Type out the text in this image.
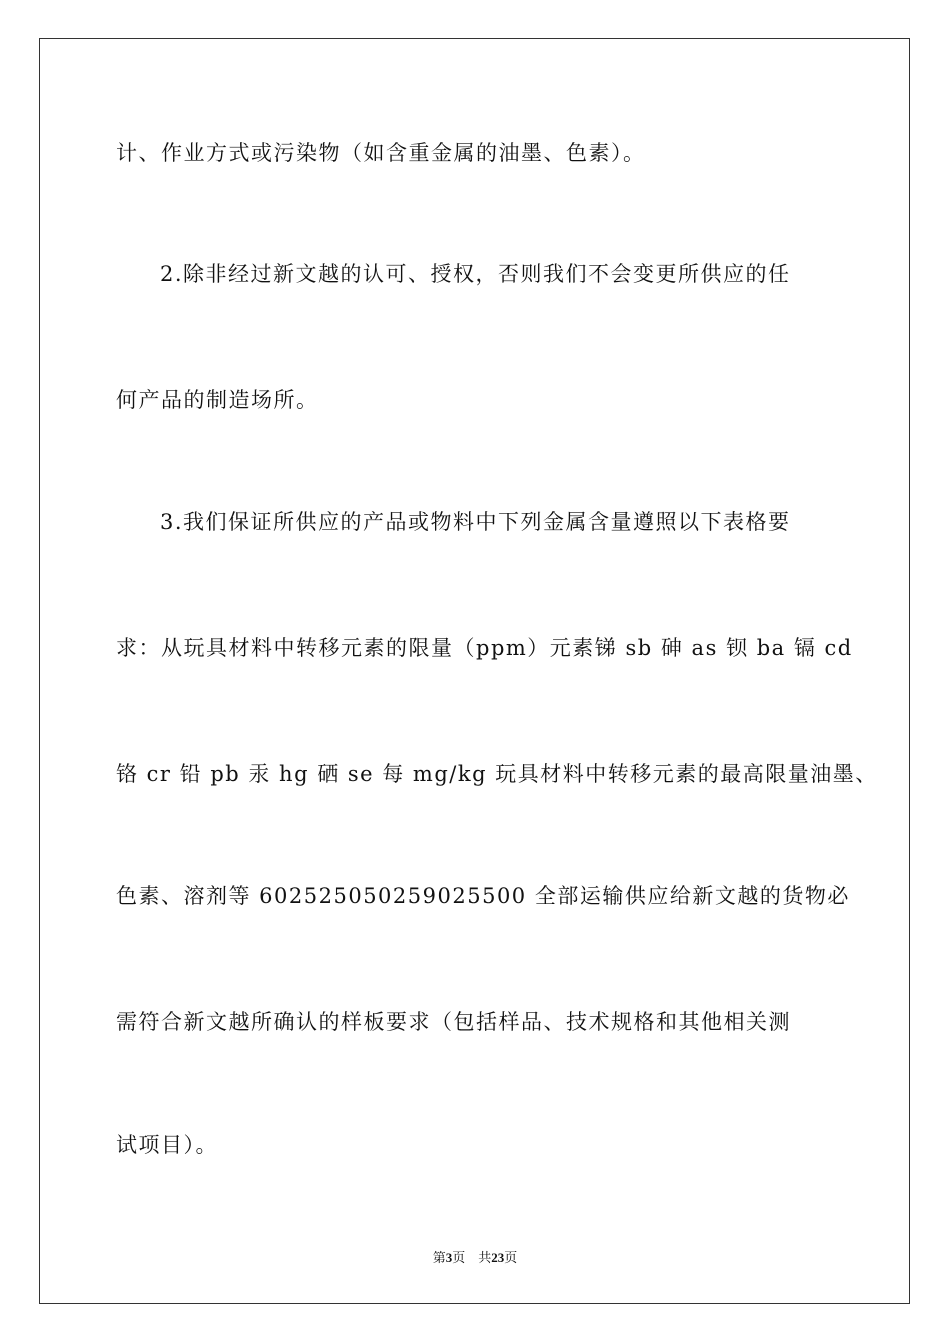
计、作业方式或污染物（如含重金属的油墨、色素）。
2.除非经过新文越的认可、授权，否则我们不会变更所供应的任
何产品的制造场所。
3.我们保证所供应的产品或物料中下列金属含量遵照以下表格要
求：从玩具材料中转移元素的限量（ppm）元素锑 sb 砷 as 钡 ba 镉 cd
铬 cr 铅 pb 汞 hg 硒 se 每 mg/kg 玩具材料中转移元素的最高限量油墨、
色素、溶剂等 602525050259025500 全部运输供应给新文越的货物必
需符合新文越所确认的样板要求（包括样品、技术规格和其他相关测
试项目）。
第3页 共23页
